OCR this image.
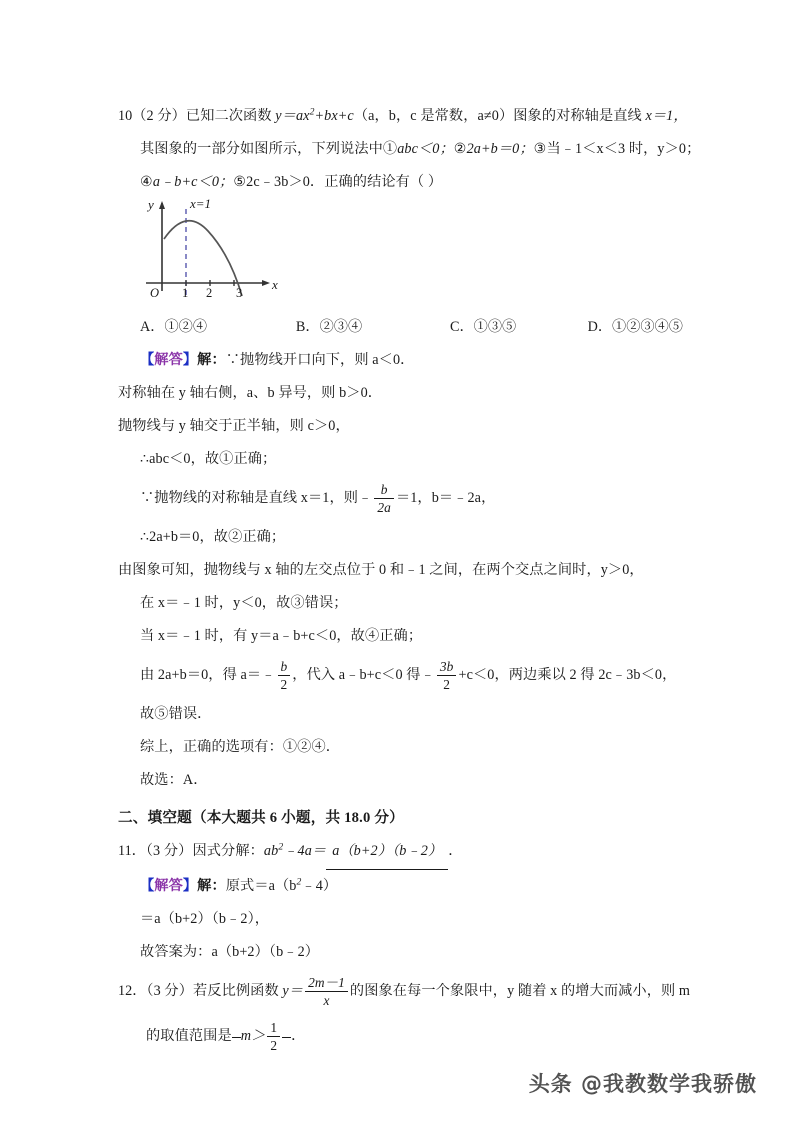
10（2 分）已知二次函数 $y=ax^2+bx+c(a$，b，c 是常数，a≠0）图象的对称轴是直线 x＝1，
其图象的一部分如图所示，下列说法中①abc＜0；②2a+b＝0；③当﹣1＜x＜3 时，y＞0；
④a﹣b+c＜0；⑤2c﹣3b＞0．正确的结论有（ ）
y
x
O 1 2 3
x=1
A．①②④	B．②③④	C．①③⑤	D．①②③④⑤
【解答】解：∵抛物线开口向下，则 a＜0．
对称轴在 y 轴右侧，a、b 异号，则 b＞0．
抛物线与 y 轴交于正半轴，则 c＞0，
∴abc＜0，故①正确；
∵抛物线的对称轴是直线 x＝1，则﹣ $\frac{b}{2a} =1$，b＝﹣2a，
∴2a+b＝0，故②正确；
由图象可知，抛物线与 x 轴的左交点位于 0 和﹣1 之间，在两个交点之间时，y＞0，
在 x＝﹣1 时，y＜0，故③错误；
当 x＝﹣1 时，有 y＝a﹣b+c＜0，故④正确；
由 2a+b＝0，得 a＝﹣ $\frac{b}{2}$ ，代入 a﹣b+c＜0 得﹣ $\frac{3b}{2} +c<0$，两边乘以 2 得 2c﹣3b＜0，
故⑤错误．
综上，正确的选项有：①②④．
故选：A．
二、填空题（本大题共 6 小题，共 18.0 分）
11．（3 分）因式分解：$ab^2﹣4a=$ a（b+2）（b﹣2） ．
【解答】解：原式$=a(b^2﹣4)$
＝a（b+2）（b﹣2），
故答案为：a（b+2）（b﹣2）
12．（3 分）若反比例函数 $y= \frac{2m-1}{x}$ 的图象在每一个象限中，y 随着 x 的增大而减小，则 m
的取值范围是 $m> \frac{1}{2}$ ．
头条 @我教数学我骄傲
